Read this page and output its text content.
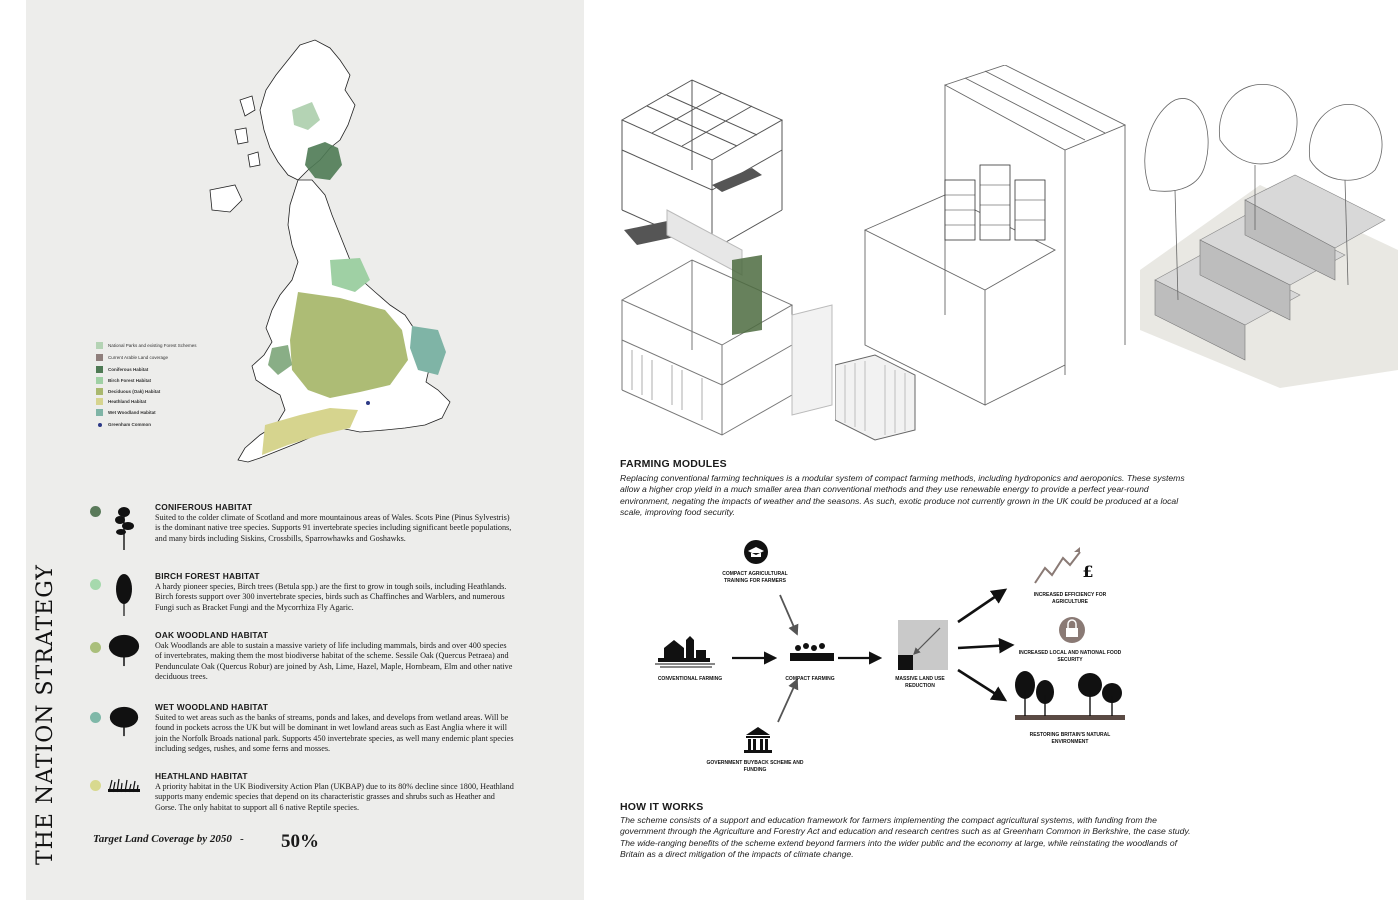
THE NATION STRATEGY
National Parks and existing Forest Schemes
Current Arable Land coverage
Coniferous Habitat
Birch Forest Habitat
Deciduous (Oak) Habitat
Heathland Habitat
Wet Woodland Habitat
Greenham Common
CONIFEROUS HABITAT

Suited to the colder climate of Scotland and more mountainous areas of Wales. Scots Pine (Pinus Sylvestris) is the dominant native tree species. Supports 91 invertebrate species including significant beetle populations, and many birds including Siskins, Crossbills, Sparrowhawks and Goshawks.

BIRCH FOREST HABITAT

A hardy pioneer species, Birch trees (Betula spp.) are the first to grow in tough soils, including Heathlands. Birch forests support over 300 invertebrate species, birds such as Chaffinches and Warblers, and numerous Fungi such as Bracket Fungi and the Mycorrhiza Fly Agaric.

OAK WOODLAND HABITAT

Oak Woodlands are able to sustain a massive variety of life including mammals, birds and over 400 species of invertebrates, making them the most biodiverse habitat of the scheme. Sessile Oak (Quercus Petraea) and Pendunculate Oak (Quercus Robur) are joined by Ash, Lime, Hazel, Maple, Hornbeam, Elm and other native deciduous trees.

WET WOODLAND HABITAT

Suited to wet areas such as the banks of streams, ponds and lakes, and develops from wetland areas. Will be found in pockets across the UK but will be dominant in wet lowland areas such as East Anglia where it will join the Norfolk Broads national park. Supports 450 invertebrate species, as well many endemic plant species including sedges, rushes, and some ferns and mosses.

HEATHLAND HABITAT

A priority habitat in the UK Biodiversity Action Plan (UKBAP) due to its 80% decline since 1800, Heathland supports many endemic species that depend on its characteristic grasses and shrubs such as Heather and Gorse. The only habitat to support all 6 native Reptile species.

Target Land Coverage by 2050 - 50%
FARMING MODULES
Replacing conventional farming techniques is a modular system of compact farming methods, including hydroponics and aeroponics. These systems allow a higher crop yield in a much smaller area than conventional methods and they use renewable energy to provide a perfect year-round environment, negating the impacts of weather and the seasons. As such, exotic produce not currently grown in the UK could be produced at a local scale, improving food security.
COMPACT AGRICULTURAL TRAINING FOR FARMERS
CONVENTIONAL FARMING	COMPACT FARMING
GOVERNMENT BUYBACK SCHEME AND FUNDING
MASSIVE LAND USE REDUCTION
£
INCREASED EFFICIENCY FOR AGRICULTURE
INCREASED LOCAL AND NATIONAL FOOD SECURITY
RESTORING BRITAIN'S NATURAL ENVIRONMENT
HOW IT WORKS
The scheme consists of a support and education framework for farmers implementing the compact agricultural systems, with funding from the government through the Agriculture and Forestry Act and education and research centres such as at Greenham Common in Berkshire, the case study. The wide-ranging benefits of the scheme extend beyond farmers into the wider public and the economy at large, while reinstating the woodlands of Britain as a direct mitigation of the impacts of climate change.
